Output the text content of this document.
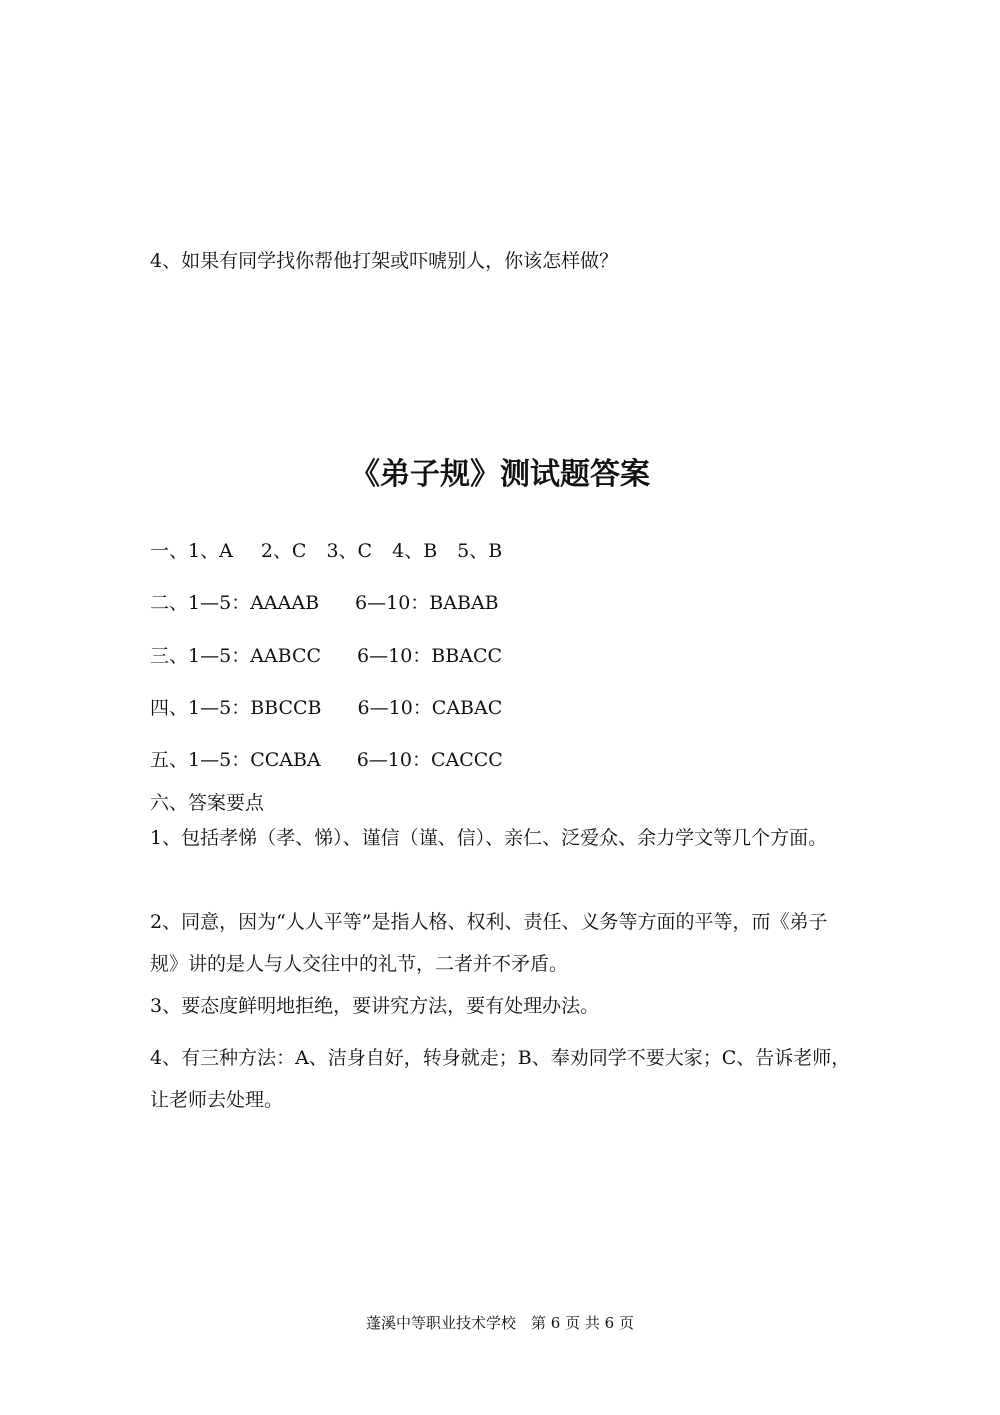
4、如果有同学找你帮他打架或吓唬别人，你该怎样做？

《弟子规》测试题答案
一、1、A 2、C 3、C 4、B 5、B
二、1—5：AAAAB 6—10：BABAB
三、1—5：AABCC 6—10：BBACC
四、1—5：BBCCB 6—10：CABAC
五、1—5：CCABA 6—10：CACCC
六、答案要点

1、包括孝悌（孝、悌）、谨信（谨、信）、亲仁、泛爱众、余力学文等几个方面。

2、同意，因为“人人平等”是指人格、权利、责任、义务等方面的平等，而《弟子规》讲的是人与人交往中的礼节，二者并不矛盾。

3、要态度鲜明地拒绝，要讲究方法，要有处理办法。

4、有三种方法：A、洁身自好，转身就走；B、奉劝同学不要大家；C、告诉老师，让老师去处理。

蓬溪中等职业技术学校　第 6 页 共 6 页
